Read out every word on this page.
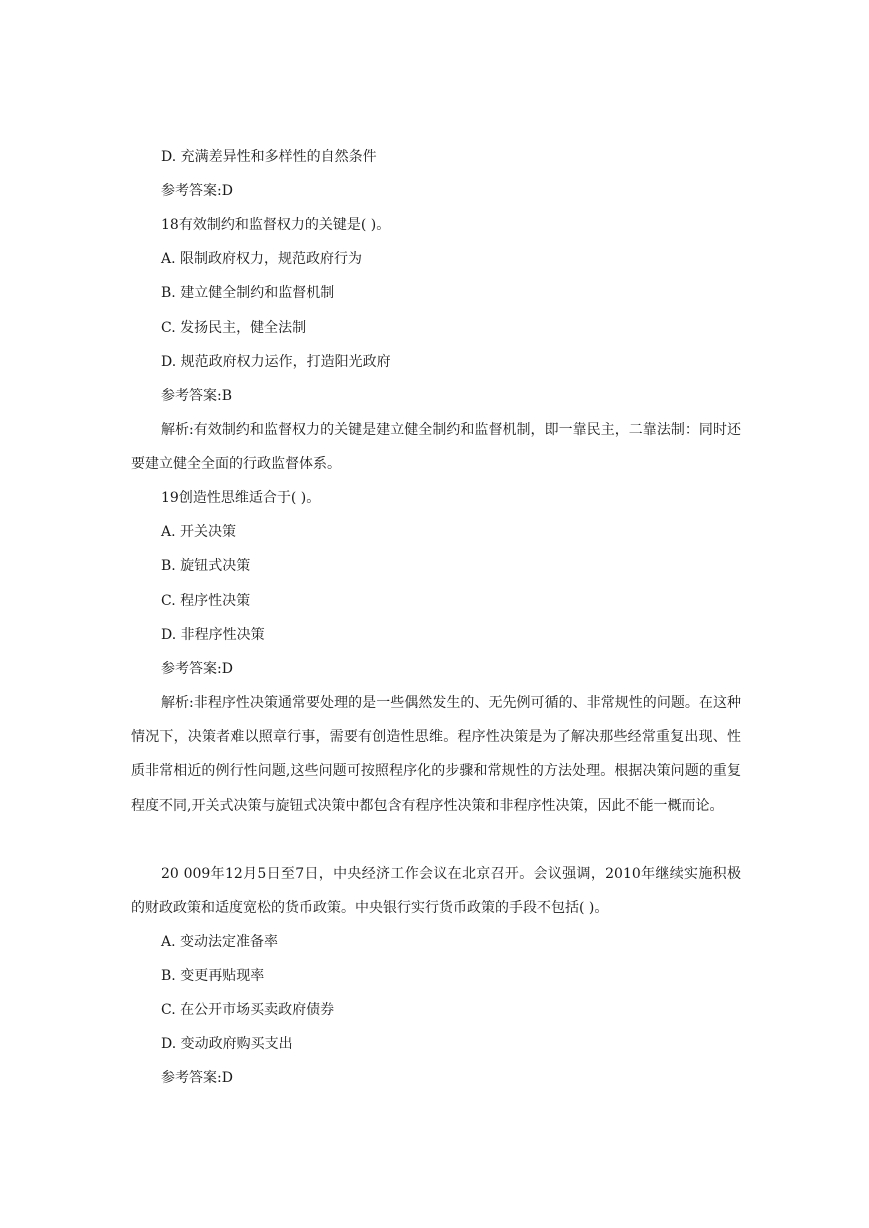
D. 充满差异性和多样性的自然条件
参考答案:D
18有效制约和监督权力的关键是( )。
A. 限制政府权力，规范政府行为
B. 建立健全制约和监督机制
C. 发扬民主，健全法制
D. 规范政府权力运作，打造阳光政府
参考答案:B
解析:有效制约和监督权力的关键是建立健全制约和监督机制，即一靠民主，二靠法制：同时还要建立健全全面的行政监督体系。
19创造性思维适合于( )。
A. 开关决策
B. 旋钮式决策
C. 程序性决策
D. 非程序性决策
参考答案:D
解析:非程序性决策通常要处理的是一些偶然发生的、无先例可循的、非常规性的问题。在这种情况下，决策者难以照章行事，需要有创造性思维。程序性决策是为了解决那些经常重复出现、性质非常相近的例行性问题,这些问题可按照程序化的步骤和常规性的方法处理。根据决策问题的重复程度不同,开关式决策与旋钮式决策中都包含有程序性决策和非程序性决策，因此不能一概而论。
20 009年12月5日至7日，中央经济工作会议在北京召开。会议强调，2010年继续实施积极的财政政策和适度宽松的货币政策。中央银行实行货币政策的手段不包括( )。
A. 变动法定准备率
B. 变更再贴现率
C. 在公开市场买卖政府债券
D. 变动政府购买支出
参考答案:D
